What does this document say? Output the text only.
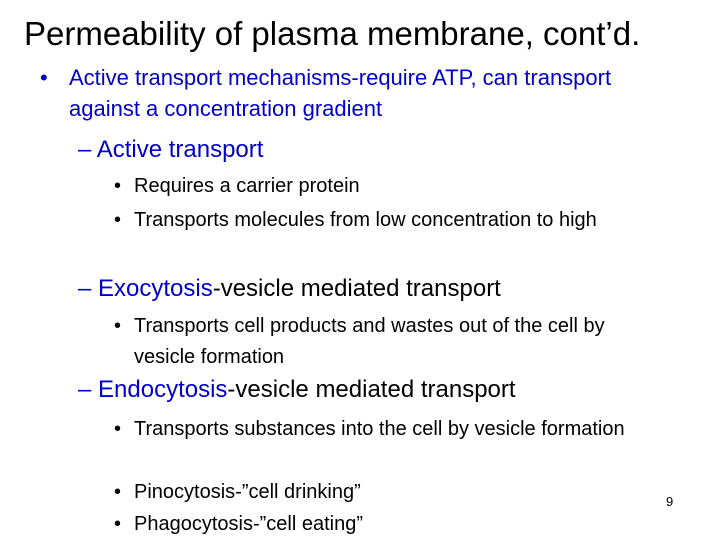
Permeability of plasma membrane, cont’d.
• Active transport mechanisms-require ATP, can transport against a concentration gradient
– Active transport
• Requires a carrier protein
• Transports molecules from low concentration to high
– Exocytosis-vesicle mediated transport
• Transports cell products and wastes out of the cell by vesicle formation
– Endocytosis-vesicle mediated transport
• Transports substances into the cell by vesicle formation
• Pinocytosis-”cell drinking”
• Phagocytosis-”cell eating”
9
